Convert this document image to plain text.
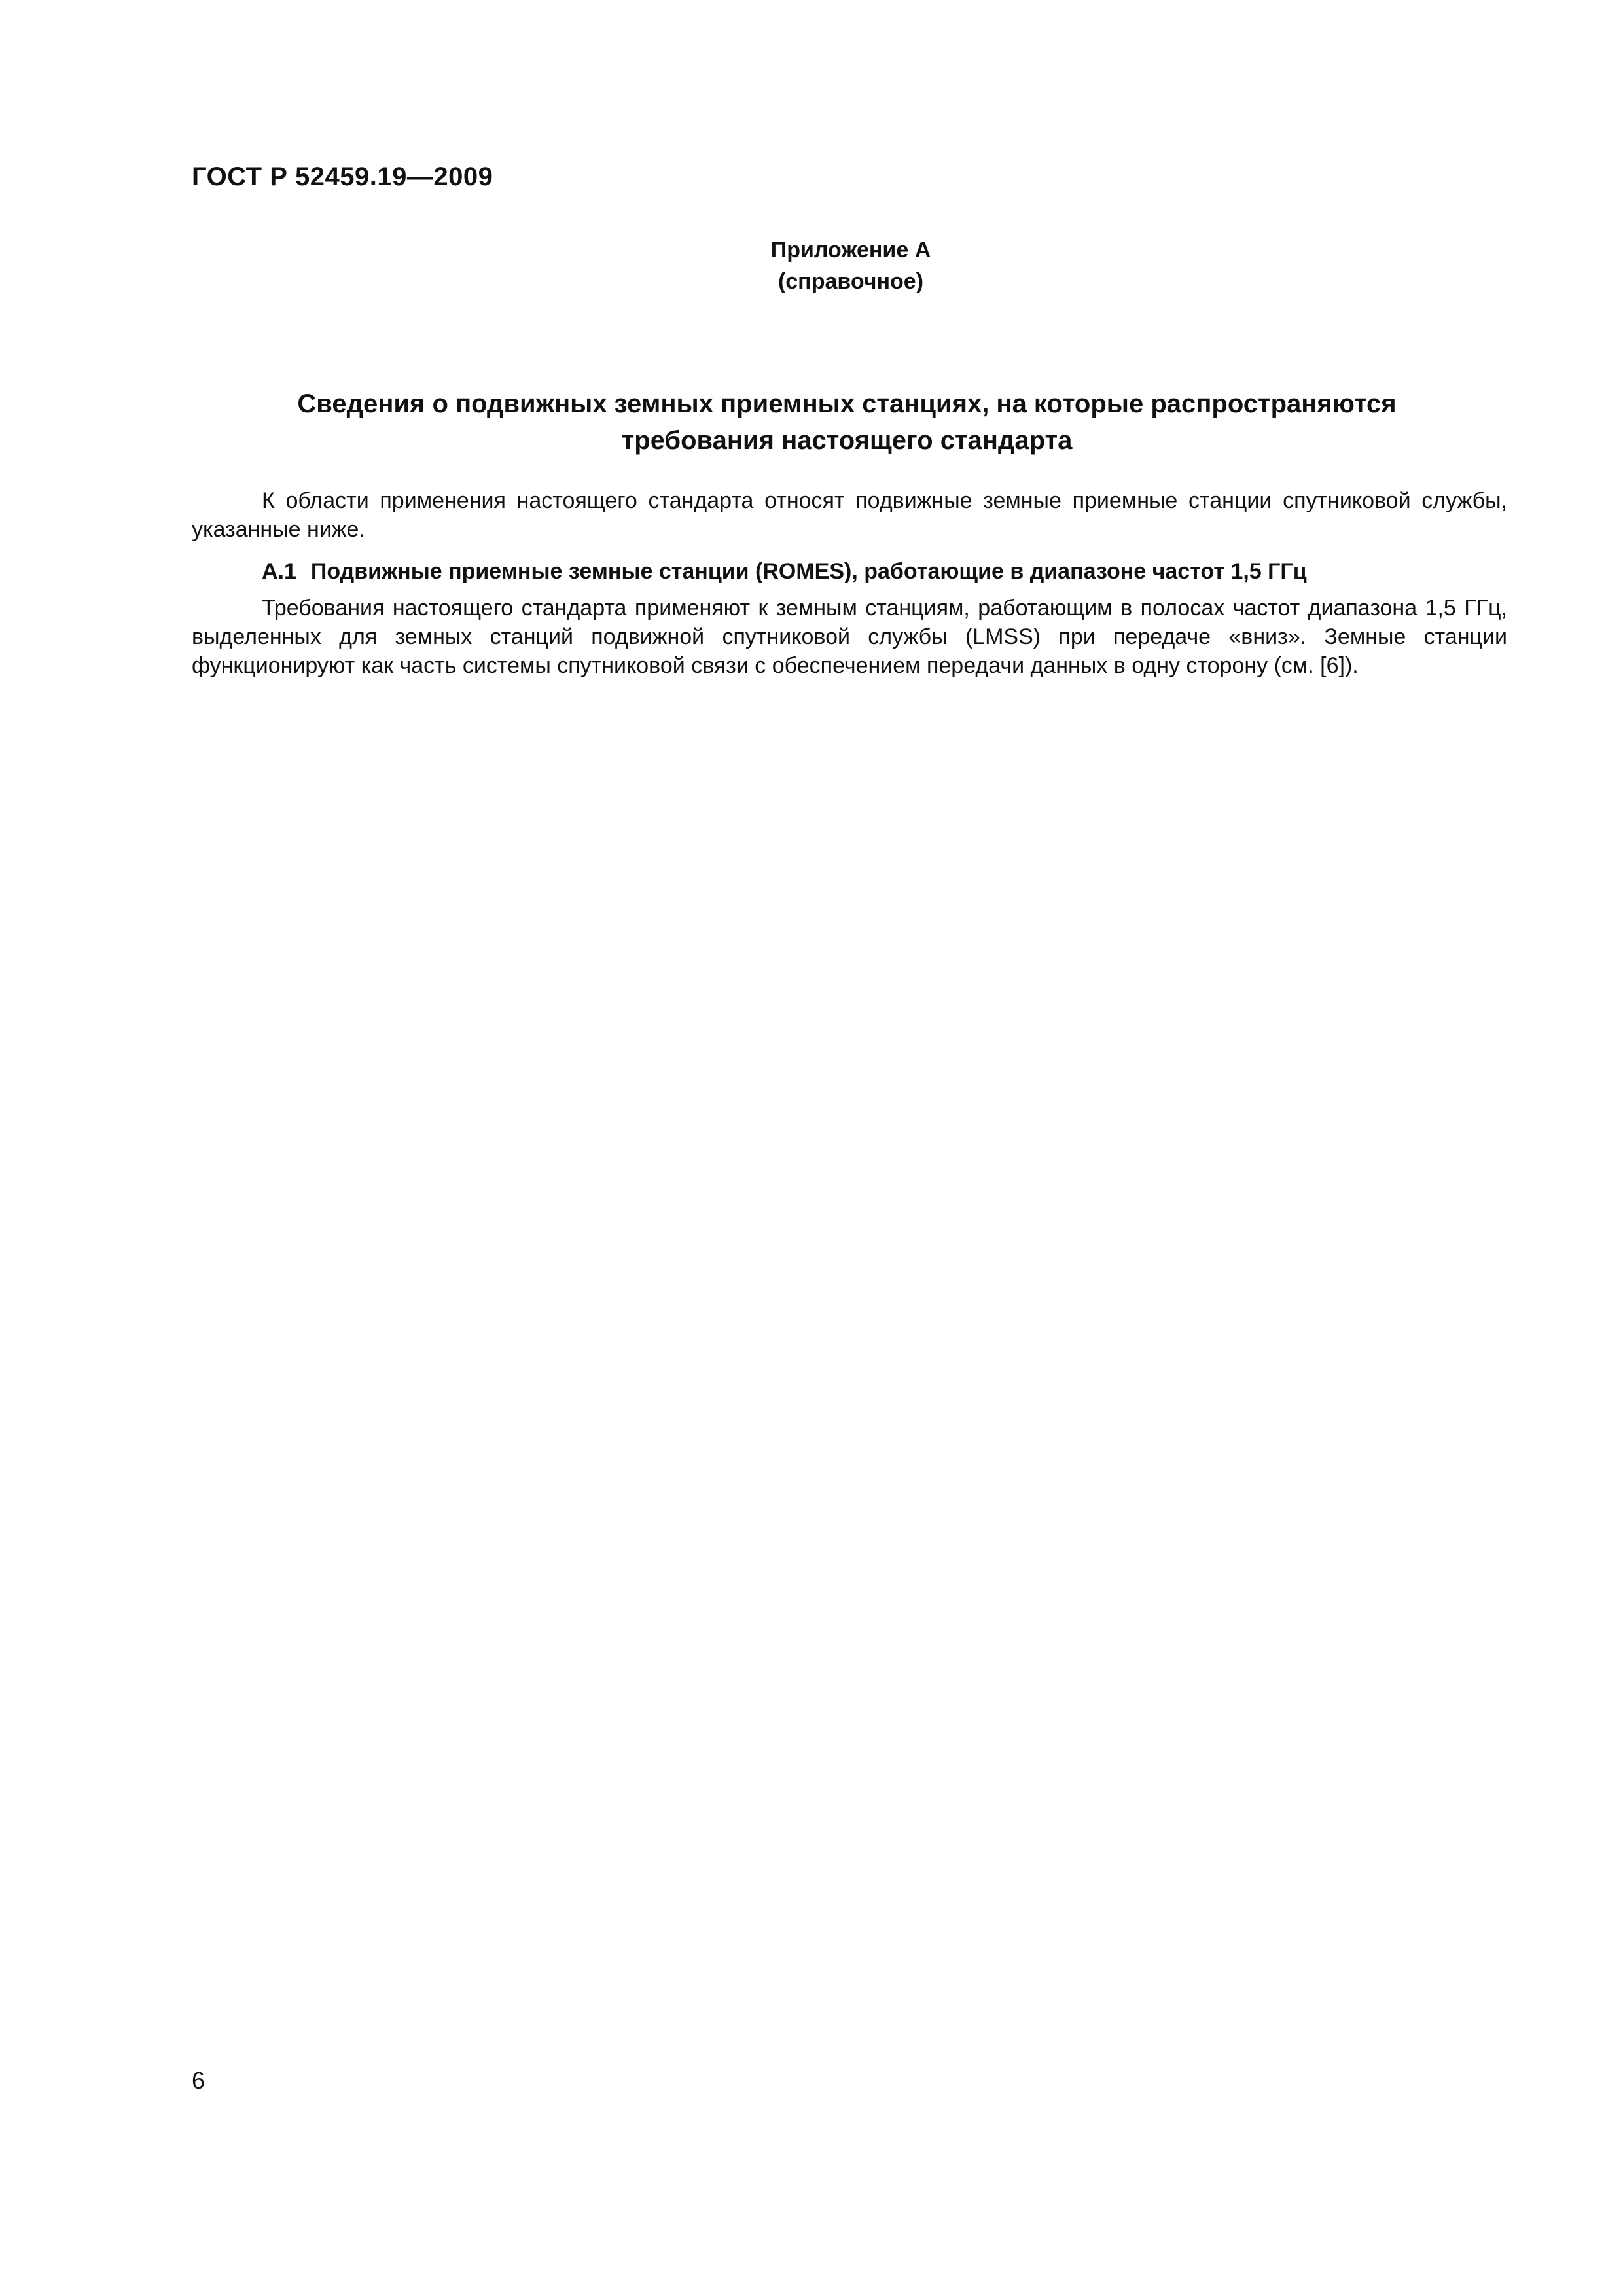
ГОСТ Р 52459.19—2009
Приложение А
(справочное)
Сведения о подвижных земных приемных станциях, на которые распространяются
требования настоящего стандарта

К области применения настоящего стандарта относят подвижные земные приемные станции спутниковой службы, указанные ниже.

А.1 Подвижные приемные земные станции (ROMES), работающие в диапазоне частот 1,5 ГГц

Требования настоящего стандарта применяют к земным станциям, работающим в полосах частот диапазона 1,5 ГГц, выделенных для земных станций подвижной спутниковой службы (LMSS) при передаче «вниз». Земные станции функционируют как часть системы спутниковой связи с обеспечением передачи данных в одну сторону (см. [6]).

6
